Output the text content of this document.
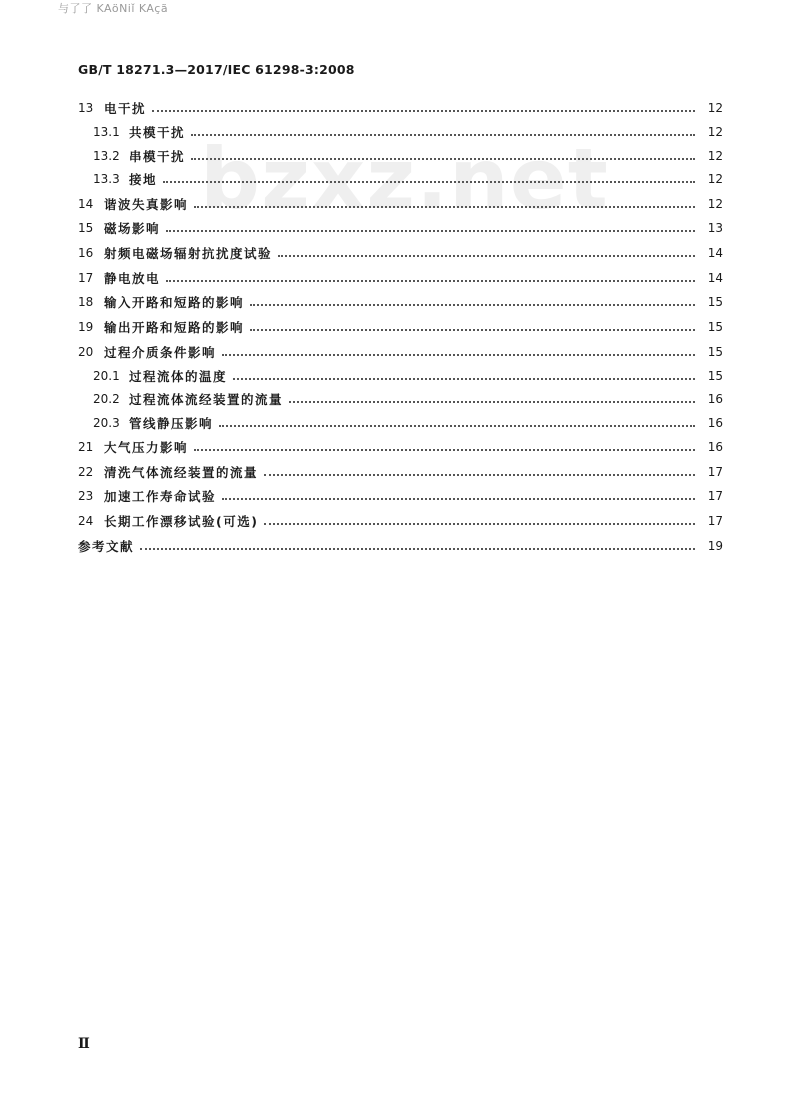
与了了 KAöNiǐ KAçã
GB/T 18271.3—2017/IEC 61298-3:2008
bzxz.net
13 电干扰	12
13.1 共模干扰	12
13.2 串模干扰	12
13.3 接地	12
14 谐波失真影响	12
15 磁场影响	13
16 射频电磁场辐射抗扰度试验	14
17 静电放电	14
18 输入开路和短路的影响	15
19 输出开路和短路的影响	15
20 过程介质条件影响	15
20.1 过程流体的温度	15
20.2 过程流体流经装置的流量	16
20.3 管线静压影响	16
21 大气压力影响	16
22 清洗气体流经装置的流量	17
23 加速工作寿命试验	17
24 长期工作漂移试验(可选)	17
参考文献	19
Ⅱ
